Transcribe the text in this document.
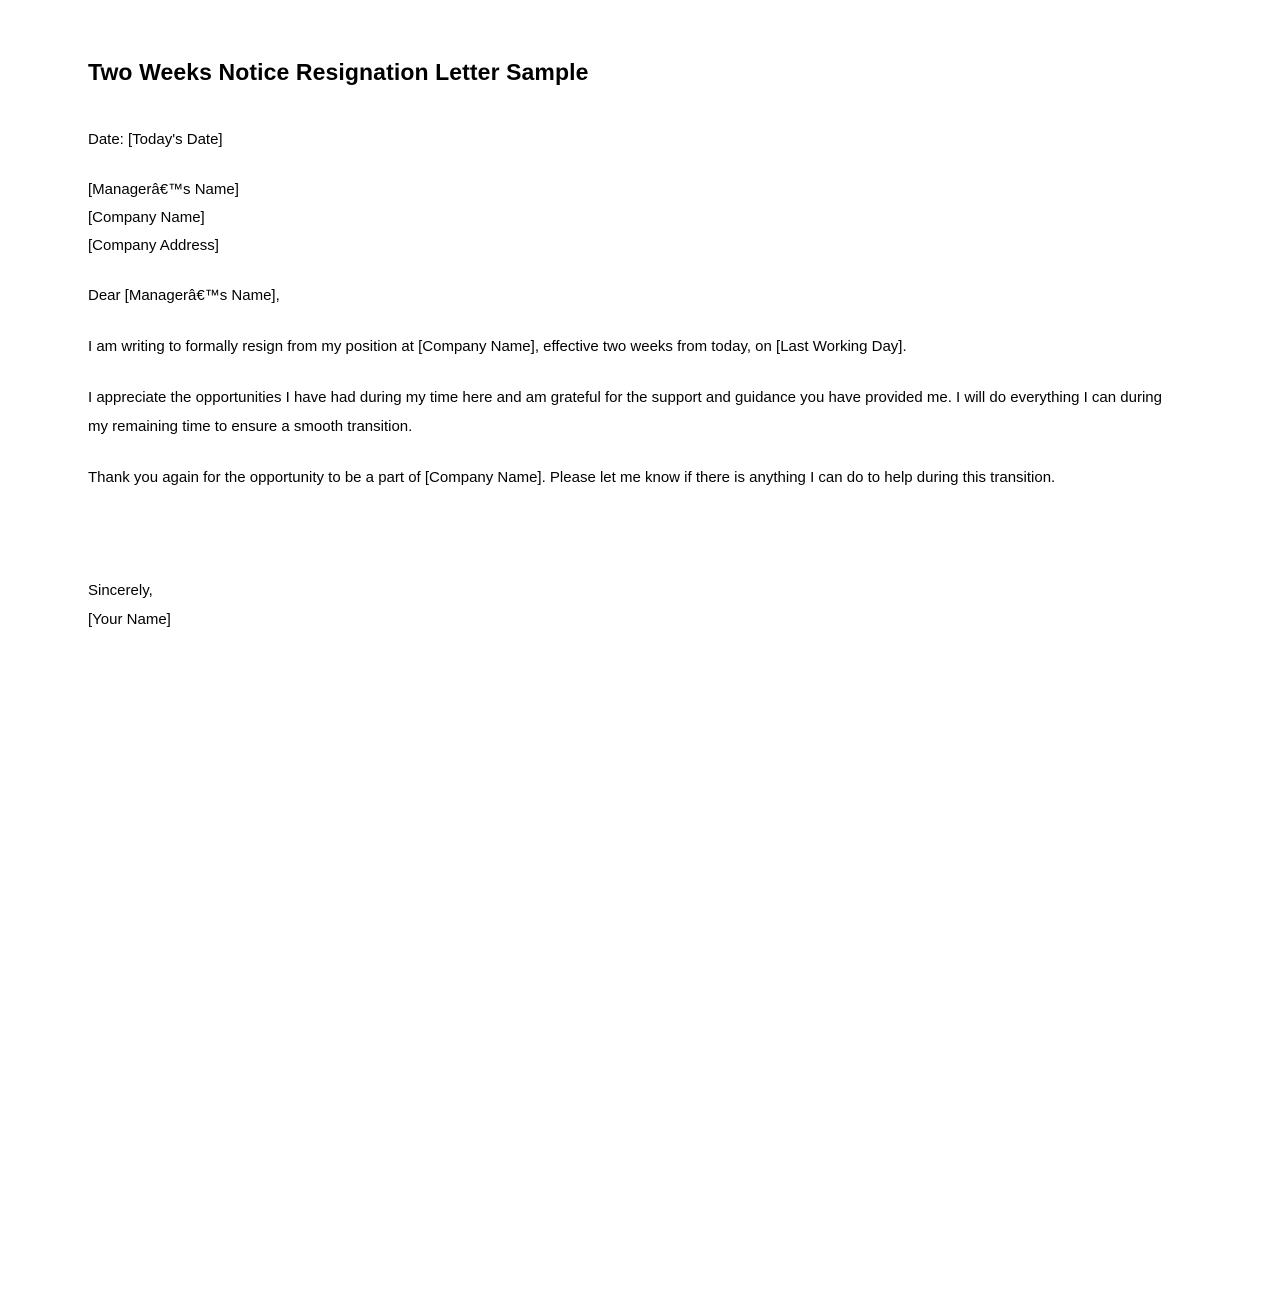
Two Weeks Notice Resignation Letter Sample

Date: [Today's Date]

[Managerâ€™s Name]

[Company Name]

[Company Address]

Dear [Managerâ€™s Name],

I am writing to formally resign from my position at [Company Name], effective two weeks from today, on [Last Working Day].

I appreciate the opportunities I have had during my time here and am grateful for the support and guidance you have provided me. I will do everything I can during my remaining time to ensure a smooth transition.

Thank you again for the opportunity to be a part of [Company Name]. Please let me know if there is anything I can do to help during this transition.

Sincerely,

[Your Name]
